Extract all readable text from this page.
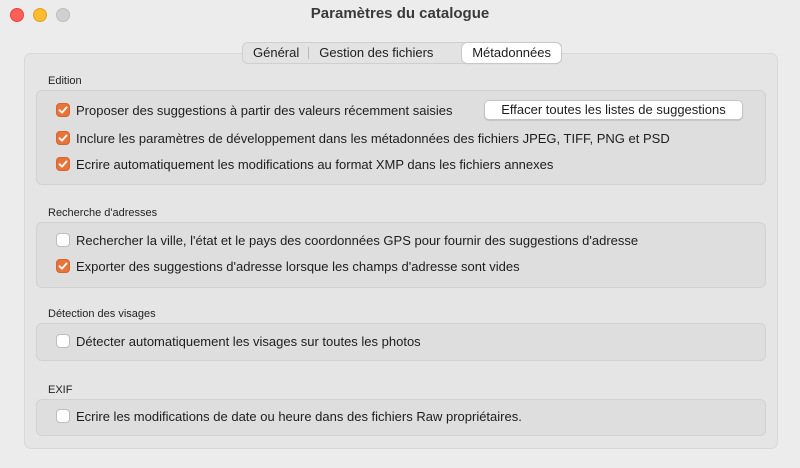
Paramètres du catalogue
Général	Gestion des fichiers	Métadonnées
Edition
Proposer des suggestions à partir des valeurs récemment saisies	Effacer toutes les listes de suggestions
Inclure les paramètres de développement dans les métadonnées des fichiers JPEG, TIFF, PNG et PSD
Ecrire automatiquement les modifications au format XMP dans les fichiers annexes
Recherche d'adresses
Rechercher la ville, l'état et le pays des coordonnées GPS pour fournir des suggestions d'adresse
Exporter des suggestions d'adresse lorsque les champs d'adresse sont vides
Détection des visages
Détecter automatiquement les visages sur toutes les photos
EXIF
Ecrire les modifications de date ou heure dans des fichiers Raw propriétaires.
